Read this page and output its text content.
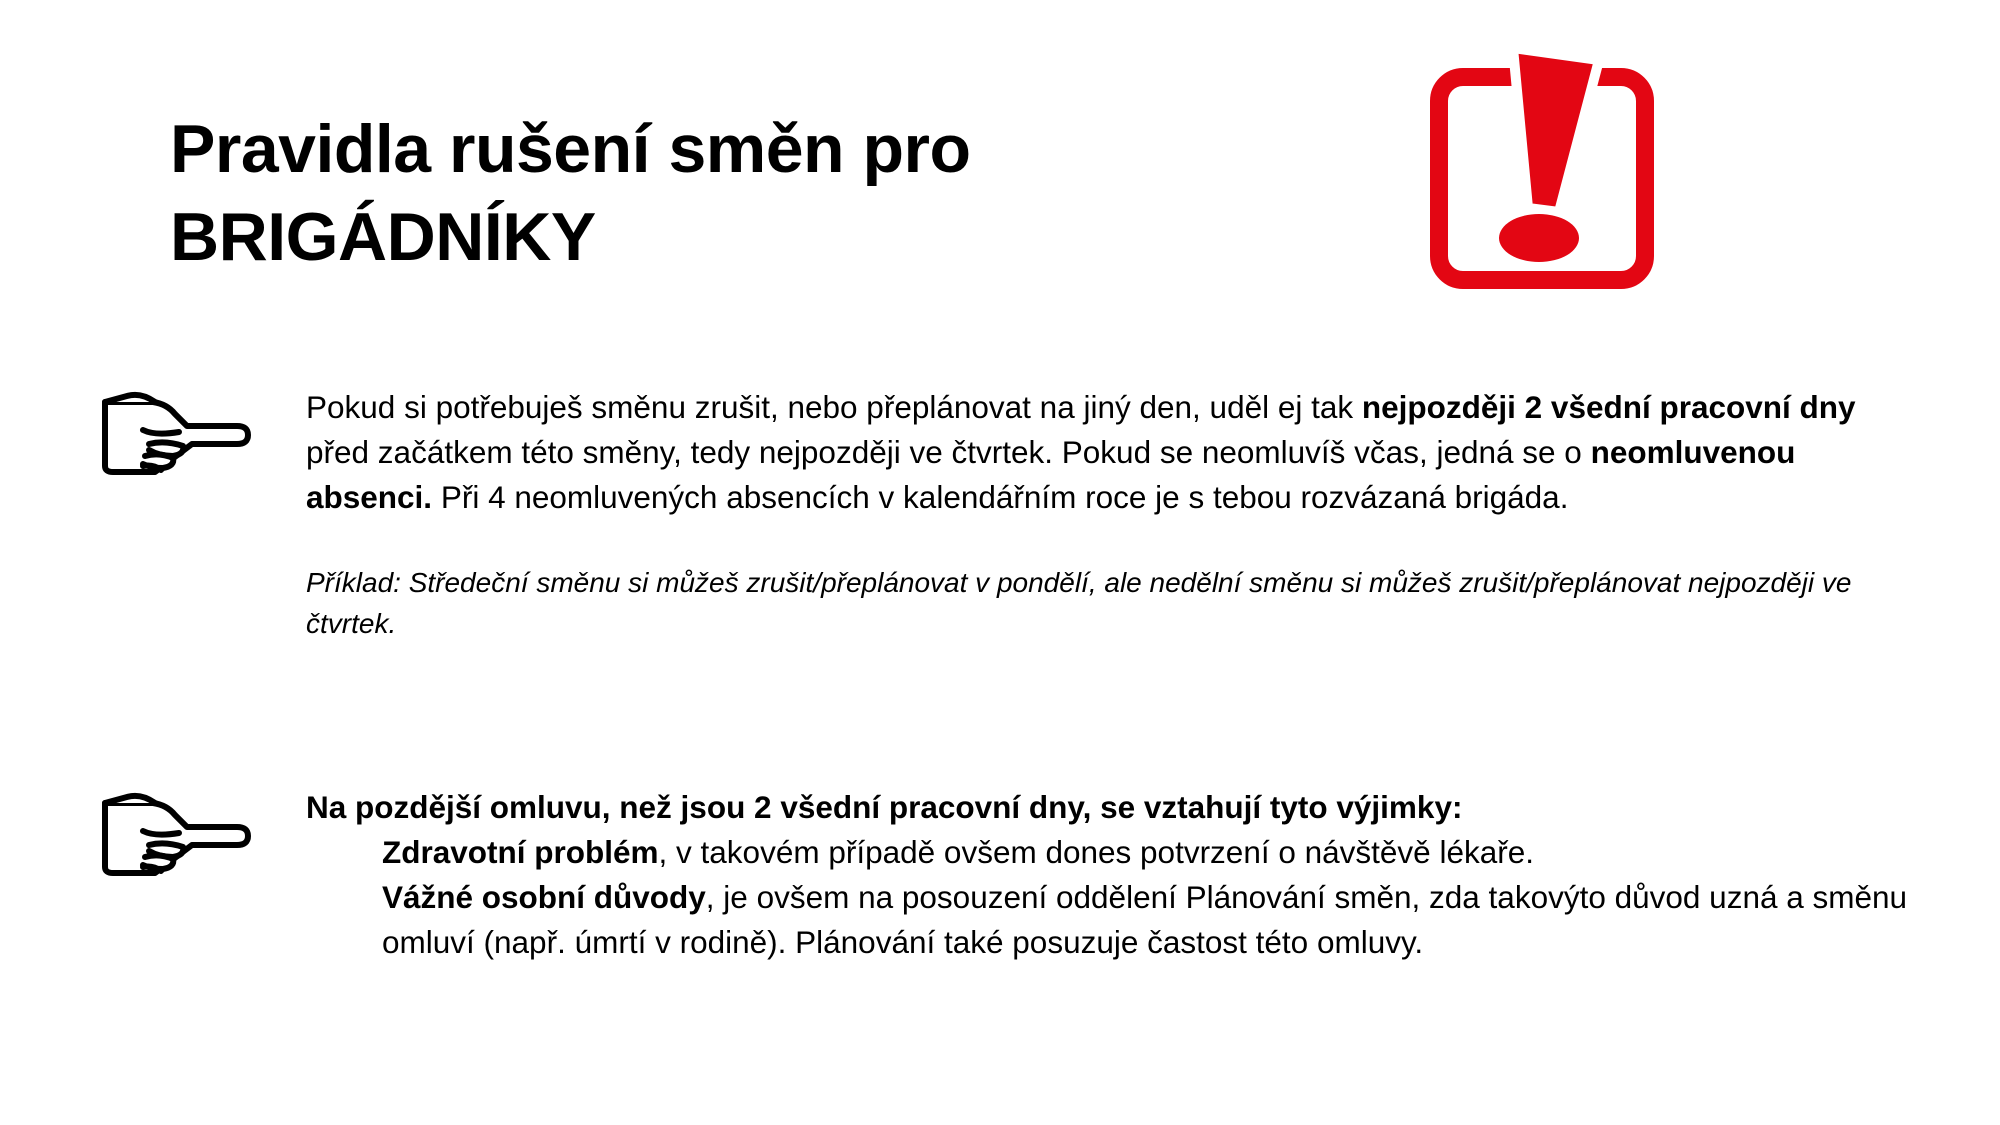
Pravidla rušení směn pro
BRIGÁDNÍKY

Pokud si potřebuješ směnu zrušit, nebo přeplánovat na jiný den, uděl ej tak nejpozději 2 všední pracovní dny před začátkem této směny, tedy nejpozději ve čtvrtek. Pokud se neomluvíš včas, jedná se o neomluvenou absenci. Při 4 neomluvených absencích v kalendářním roce je s tebou rozvázaná brigáda.

Příklad: Středeční směnu si můžeš zrušit/přeplánovat v pondělí, ale nedělní směnu si můžeš zrušit/přeplánovat nejpozději ve čtvrtek.

Na pozdější omluvu, než jsou 2 všední pracovní dny, se vztahují tyto výjimky:

Zdravotní problém, v takovém případě ovšem dones potvrzení o návštěvě lékaře.
Vážné osobní důvody, je ovšem na posouzení oddělení Plánování směn, zda takovýto důvod uzná a směnu omluví (např. úmrtí v rodině). Plánování také posuzuje častost této omluvy.
